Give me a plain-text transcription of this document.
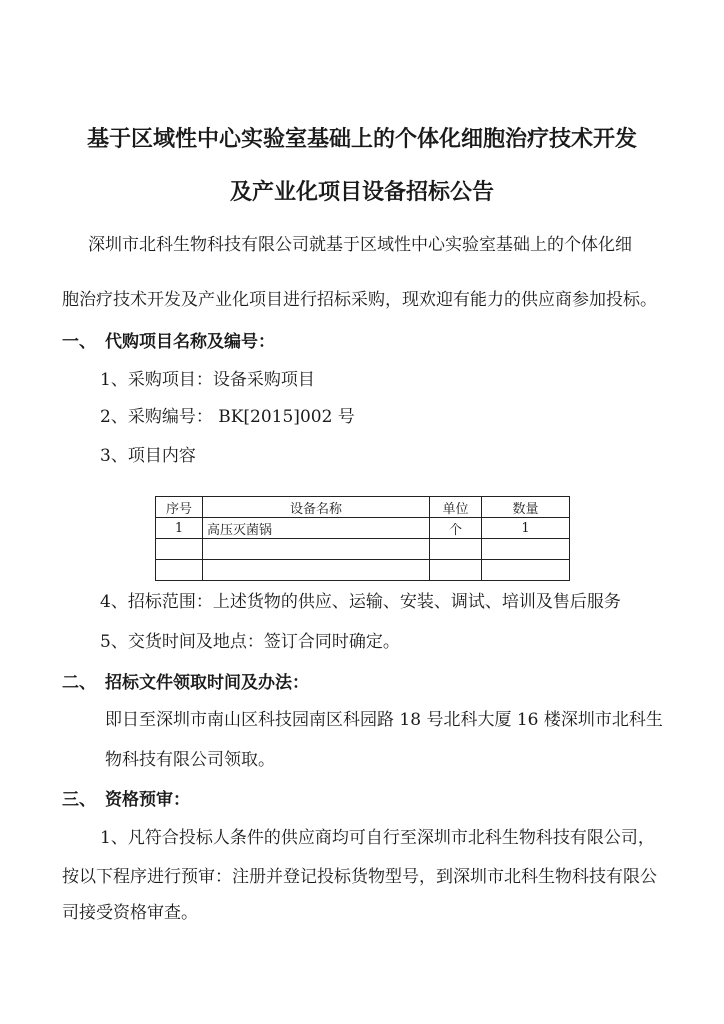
基于区域性中心实验室基础上的个体化细胞治疗技术开发
及产业化项目设备招标公告
深圳市北科生物科技有限公司就基于区域性中心实验室基础上的个体化细
胞治疗技术开发及产业化项目进行招标采购，现欢迎有能力的供应商参加投标。
一、 代购项目名称及编号：
1、采购项目：设备采购项目
2、采购编号： BK[2015]002 号
3、项目内容
序号	设备名称	单位	数量
1	高压灭菌锅	个	1

4、招标范围：上述货物的供应、运输、安装、调试、培训及售后服务
5、交货时间及地点：签订合同时确定。
二、 招标文件领取时间及办法：
即日至深圳市南山区科技园南区科园路 18 号北科大厦 16 楼深圳市北科生
物科技有限公司领取。
三、 资格预审：
1、凡符合投标人条件的供应商均可自行至深圳市北科生物科技有限公司，
按以下程序进行预审：注册并登记投标货物型号，到深圳市北科生物科技有限公
司接受资格审查。
